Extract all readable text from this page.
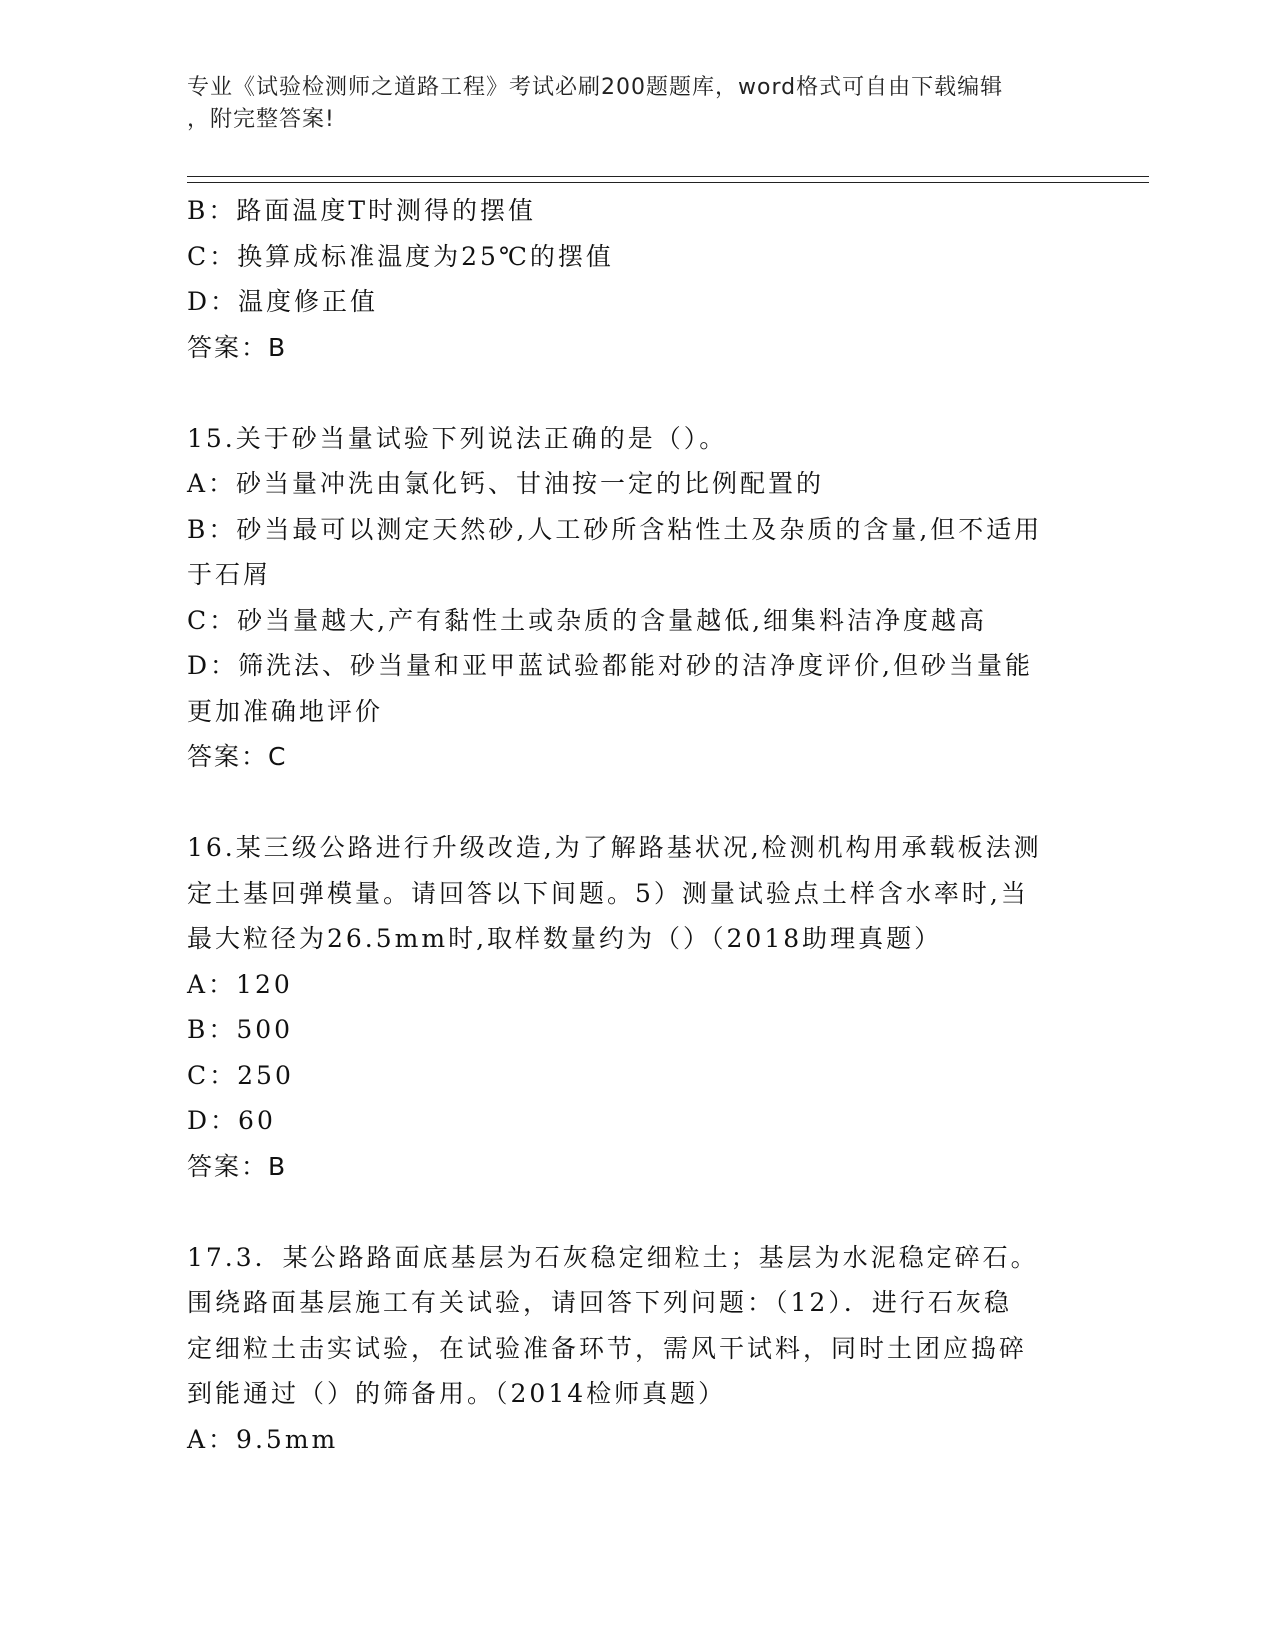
专业《试验检测师之道路工程》考试必刷200题题库，word格式可自由下载编辑
，附完整答案!
B：路面温度T时测得的摆值
C：换算成标准温度为25℃的摆值
D：温度修正值
答案：B
15.关于砂当量试验下列说法正确的是（）。
A：砂当量冲洗由氯化钙、甘油按一定的比例配置的
B：砂当最可以测定天然砂,人工砂所含粘性土及杂质的含量,但不适用
于石屑
C：砂当量越大,产有黏性土或杂质的含量越低,细集料洁净度越高
D：筛洗法、砂当量和亚甲蓝试验都能对砂的洁净度评价,但砂当量能
更加准确地评价
答案：C
16.某三级公路进行升级改造,为了解路基状况,检测机构用承载板法测
定土基回弹模量。请回答以下间题。5）测量试验点土样含水率时,当
最大粒径为26.5mm时,取样数量约为（）（2018助理真题）
A：120
B：500
C：250
D：60
答案：B
17.3．某公路路面底基层为石灰稳定细粒土；基层为水泥稳定碎石。
围绕路面基层施工有关试验，请回答下列问题：（12）．进行石灰稳
定细粒土击实试验，在试验准备环节，需风干试料，同时土团应捣碎
到能通过（）的筛备用。（2014检师真题）
A：9.5mm
